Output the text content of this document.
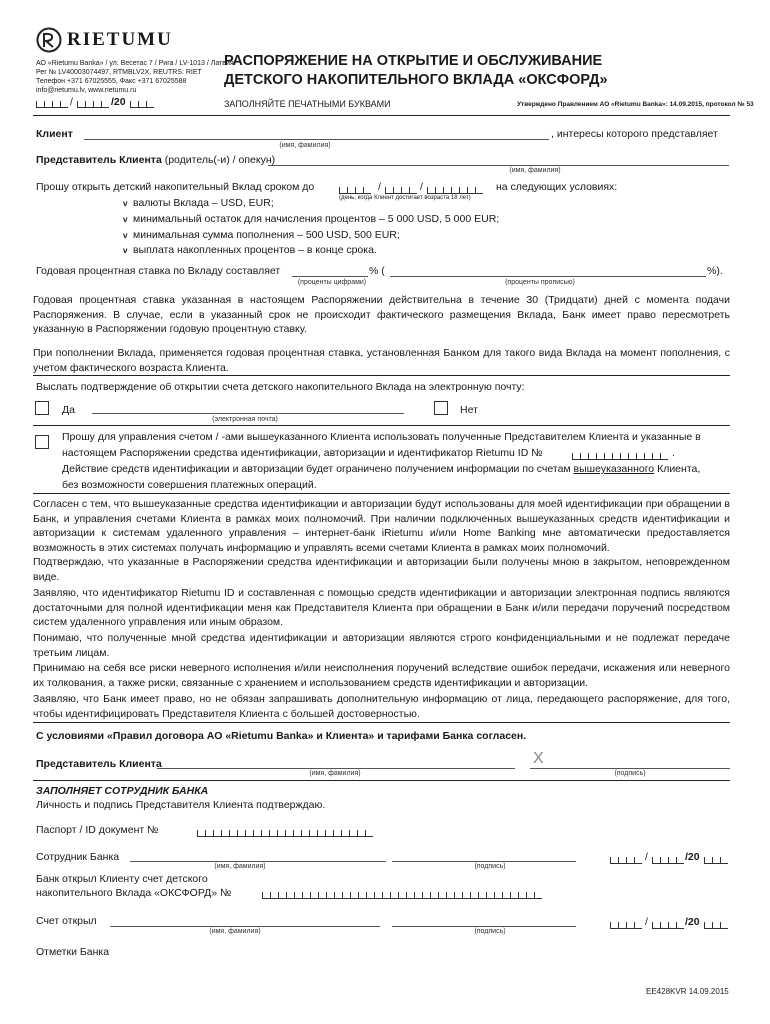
RIETUMU
АО «Rietumu Banka» / ул. Весетас 7 / Рига / LV-1013 / Латвия
Рег № LV40003074497, RTMBLV2X, REUTRS: RIET
Телефон +371 67025555, Факс +371 67025588
info@rietumu.lv, www.rietumu.ru
РАСПОРЯЖЕНИЕ НА ОТКРЫТИЕ И ОБСЛУЖИВАНИЕ
ДЕТСКОГО НАКОПИТЕЛЬНОГО ВКЛАДА «ОКСФОРД»
/	/20	ЗАПОЛНЯЙТЕ ПЕЧАТНЫМИ БУКВАМИ	Утверждено Правлением АО «Rietumu Banka»: 14.09.2015, протокол № 53
Клиент	, интересы которого представляет
(имя, фамилия)
Представитель Клиента (родитель(-и) / опекун)
(имя, фамилия)
Прошу открыть детский накопительный Вклад сроком до	/	/
(день, когда Клиент достигает возраста 18 лет)
на следующих условиях:
v валюты Вклада – USD, EUR;
v минимальный остаток для начисления процентов – 5 000 USD, 5 000 EUR;
v минимальная сумма пополнения – 500 USD, 500 EUR;
v выплата накопленных процентов – в конце срока.
Годовая процентная ставка по Вкладу составляет	% (	%).
(проценты цифрами)	(проценты прописью)
Годовая процентная ставка указанная в настоящем Распоряжении действительна в течение 30 (Тридцати) дней с момента подачи Распоряжения. В случае, если в указанный срок не происходит фактического размещения Вклада, Банк имеет право пересмотреть указанную в Распоряжении годовую процентную ставку.
При пополнении Вклада, применяется годовая процентная ставка, установленная Банком для такого вида Вклада на момент пополнения, с учетом фактического возраста Клиента.
Выслать подтверждение об открытии счета детского накопительного Вклада на электронную почту:
Да
(электронная почта)
Нет
Прошу для управления счетом / -ами вышеуказанного Клиента использовать полученные Представителем Клиента и указанные в
настоящем Распоряжении средства идентификации, авторизации и идентификатор Rietumu ID №	.
Действие средств идентификации и авторизации будет ограничено получением информации по счетам вышеуказанного Клиента,
без возможности совершения платежных операций.
Согласен с тем, что вышеуказанные средства идентификации и авторизации будут использованы для моей идентификации при обращении в Банк, и управления счетами Клиента в рамках моих полномочий. При наличии подключенных вышеуказанных средств идентификации и авторизации к системам удаленного управления – интернет-банк iRietumu и/или Home Banking мне автоматически предоставляется возможность в этих системах получать информацию и управлять всеми счетами Клиента в рамках моих полномочий.
Подтверждаю, что указанные в Распоряжении средства идентификации и авторизации были получены мною в закрытом, неповрежденном виде.
Заявляю, что идентификатор Rietumu ID и составленная с помощью средств идентификации и авторизации электронная подпись являются достаточными для полной идентификации меня как Представителя Клиента при обращении в Банк и/или передачи поручений посредством систем удаленного управления или иным образом.
Понимаю, что полученные мной средства идентификации и авторизации являются строго конфиденциальными и не подлежат передаче третьим лицам.
Принимаю на себя все риски неверного исполнения и/или неисполнения поручений вследствие ошибок передачи, искажения или неверного их толкования, а также риски, связанные с хранением и использованием средств идентификации и авторизации.
Заявляю, что Банк имеет право, но не обязан запрашивать дополнительную информацию от лица, передающего распоряжение, для того, чтобы идентифицировать Представителя Клиента с большей достоверностью.
С условиями «Правил договора АО «Rietumu Banka» и Клиента» и тарифами Банка согласен.
Представитель Клиента
(имя, фамилия)
X
(подпись)
ЗАПОЛНЯЕТ СОТРУДНИК БАНКА
Личность и подпись Представителя Клиента подтверждаю.
Паспорт / ID документ №
Сотрудник Банка
(имя, фамилия)	(подпись)
/	/20
Банк открыл Клиенту счет детского
накопительного Вклада «ОКСФОРД» №
Счет открыл
(имя, фамилия)	(подпись)
/	/20
Отметки Банка
EE428KVR 14.09.2015
